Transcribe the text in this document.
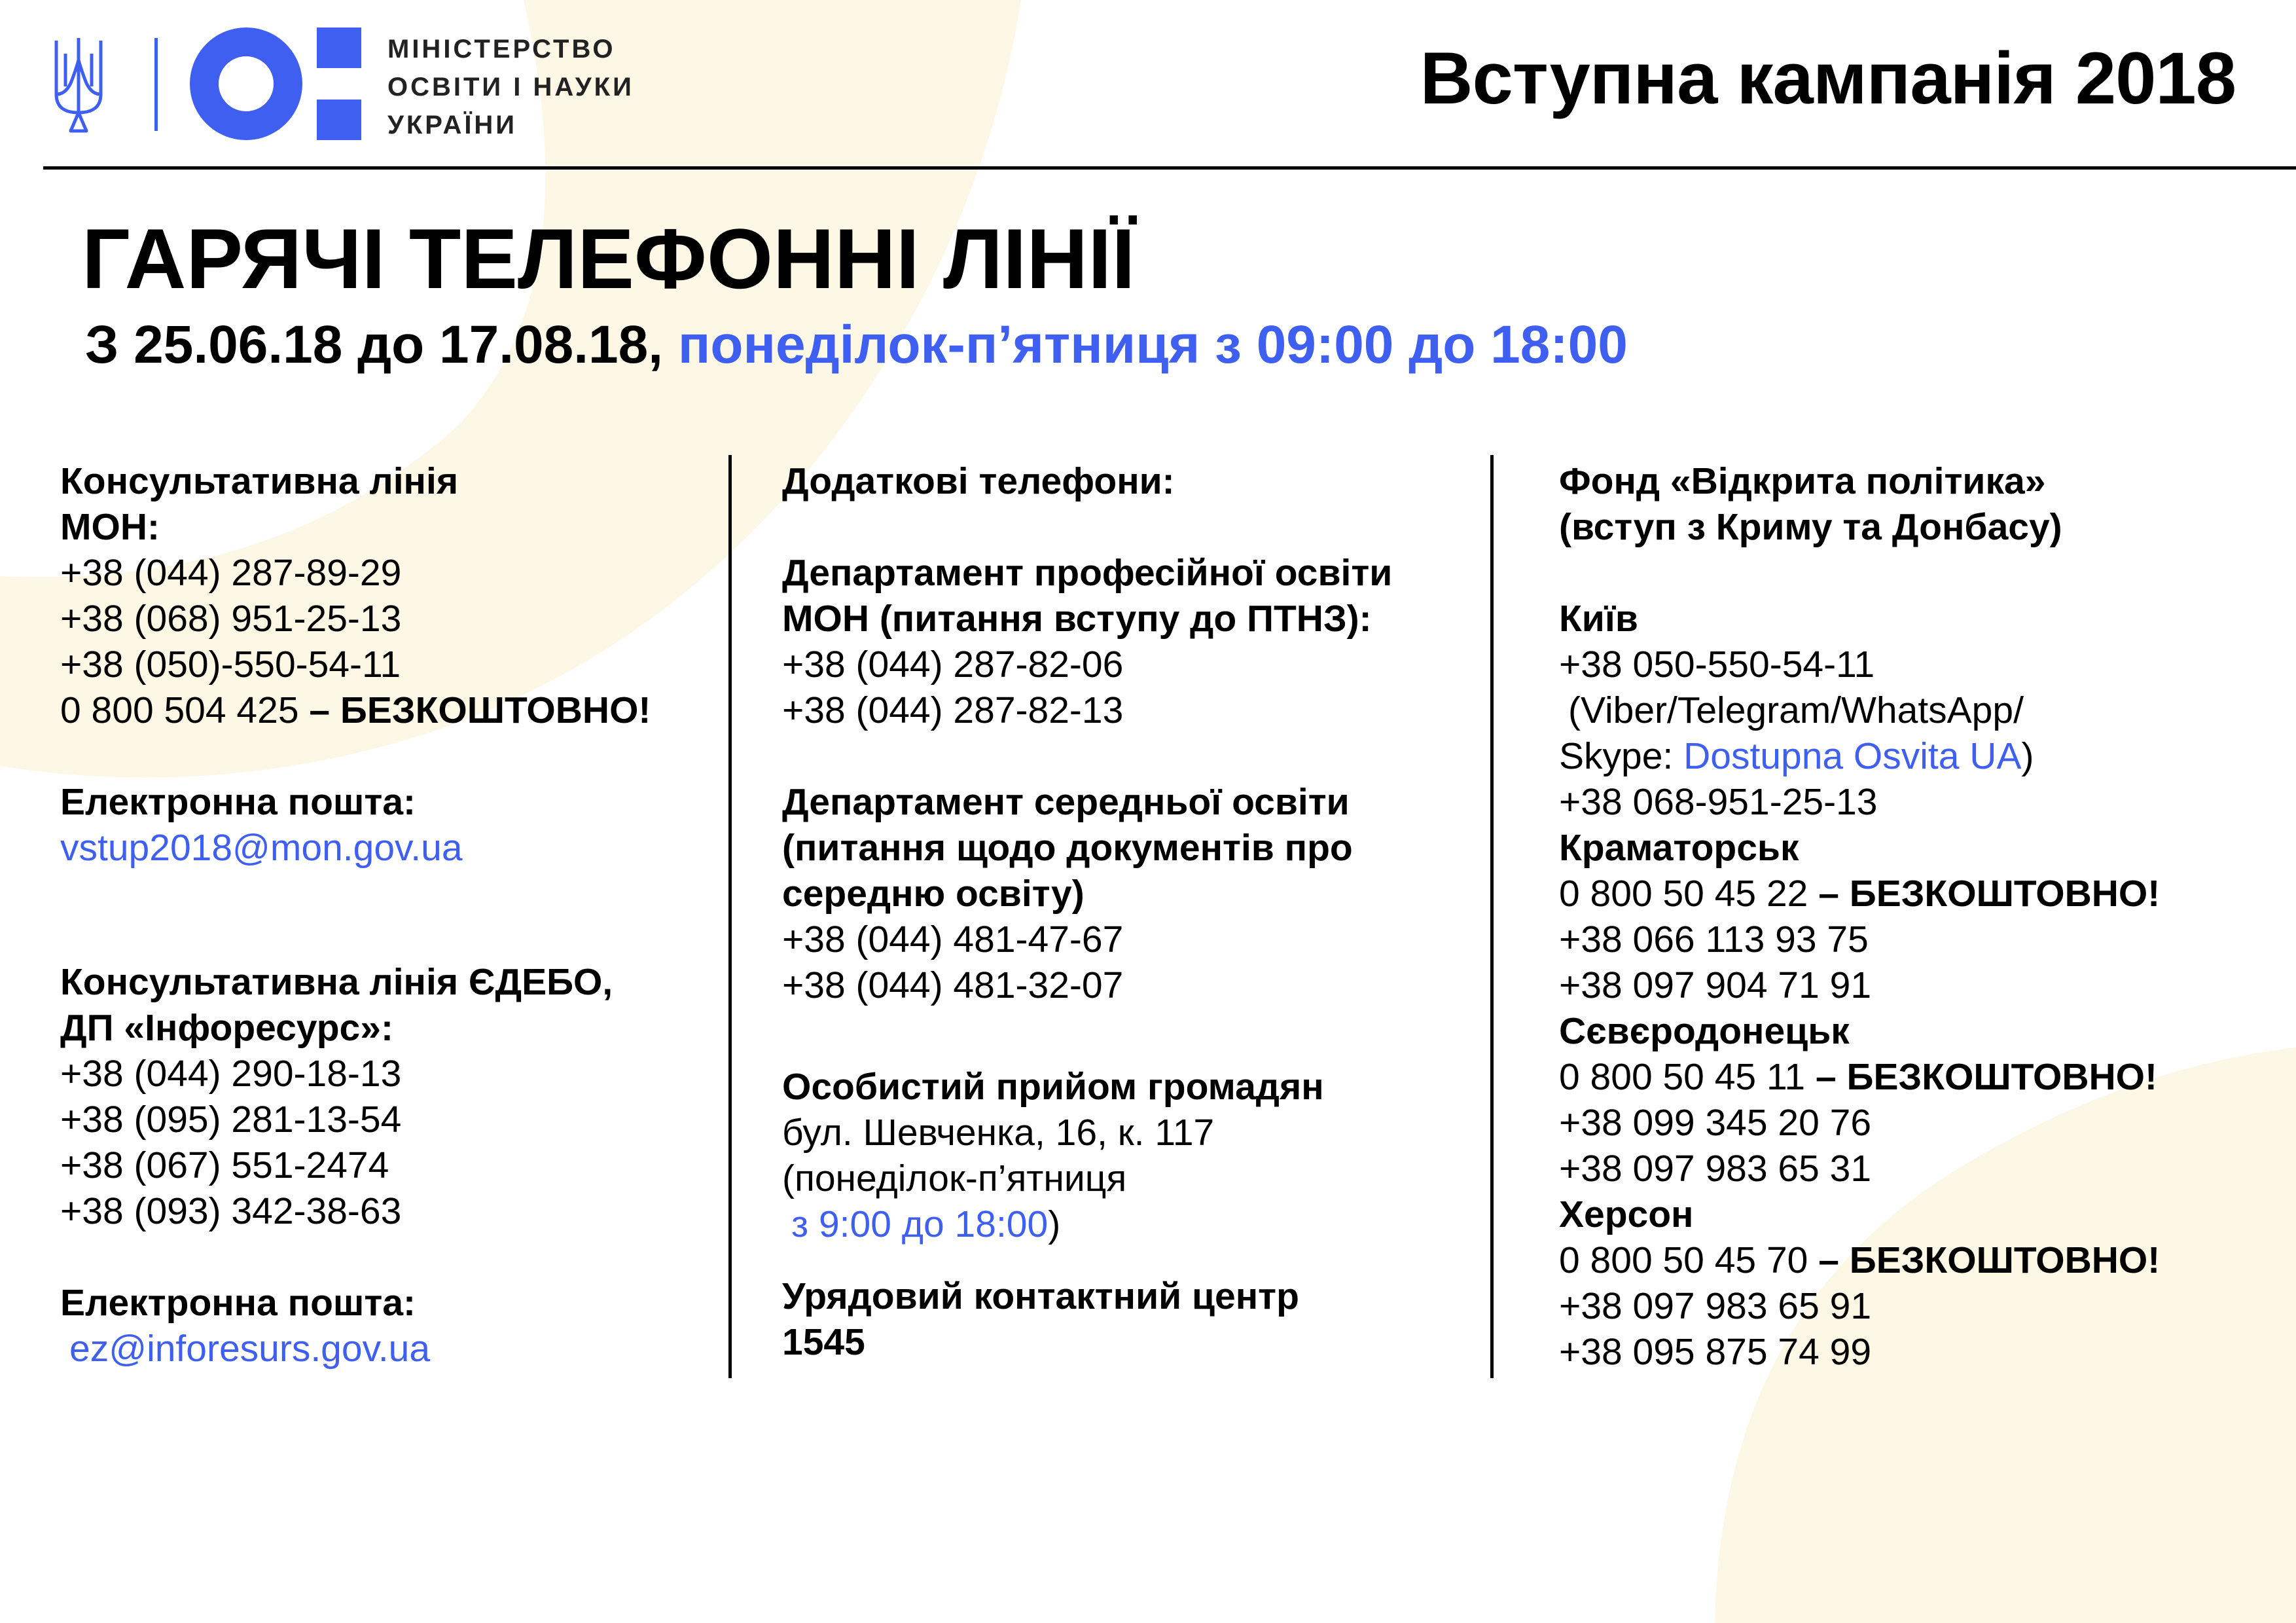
МІНІСТЕРСТВО
ОСВІТИ І НАУКИ
УКРАЇНИ
Вступна кампанія 2018
ГАРЯЧІ ТЕЛЕФОННІ ЛІНІЇ
З 25.06.18 до 17.08.18, понеділок-п’ятниця з 09:00 до 18:00
Консультативна лінія
МОН:
+38 (044) 287-89-29
+38 (068) 951-25-13
+38 (050)-550-54-11
0 800 504 425 – БЕЗКОШТОВНО!
Електронна пошта:
vstup2018@mon.gov.ua
Консультативна лінія ЄДЕБО,
ДП «Інфоресурс»:
+38 (044) 290-18-13
+38 (095) 281-13-54
+38 (067) 551-2474
+38 (093) 342-38-63
Електронна пошта:
ez@inforesurs.gov.ua
Додаткові телефони:
Департамент професійної освіти
МОН (питання вступу до ПТНЗ):
+38 (044) 287-82-06
+38 (044) 287-82-13
Департамент середньої освіти
(питання щодо документів про
середню освіту)
+38 (044) 481-47-67
+38 (044) 481-32-07
Особистий прийом громадян
бул. Шевченка, 16, к. 117
(понеділок-п’ятниця
з 9:00 до 18:00)
Урядовий контактний центр
1545
Фонд «Відкрита політика»
(вступ з Криму та Донбасу)
Київ
+38 050-550-54-11
(Viber/Telegram/WhatsApp/
Skype: Dostupna Osvita UA)
+38 068-951-25-13
Краматорськ
0 800 50 45 22 – БЕЗКОШТОВНО!
+38 066 113 93 75
+38 097 904 71 91
Сєвєродонецьк
0 800 50 45 11 – БЕЗКОШТОВНО!
+38 099 345 20 76
+38 097 983 65 31
Херсон
0 800 50 45 70 – БЕЗКОШТОВНО!
+38 097 983 65 91
+38 095 875 74 99
